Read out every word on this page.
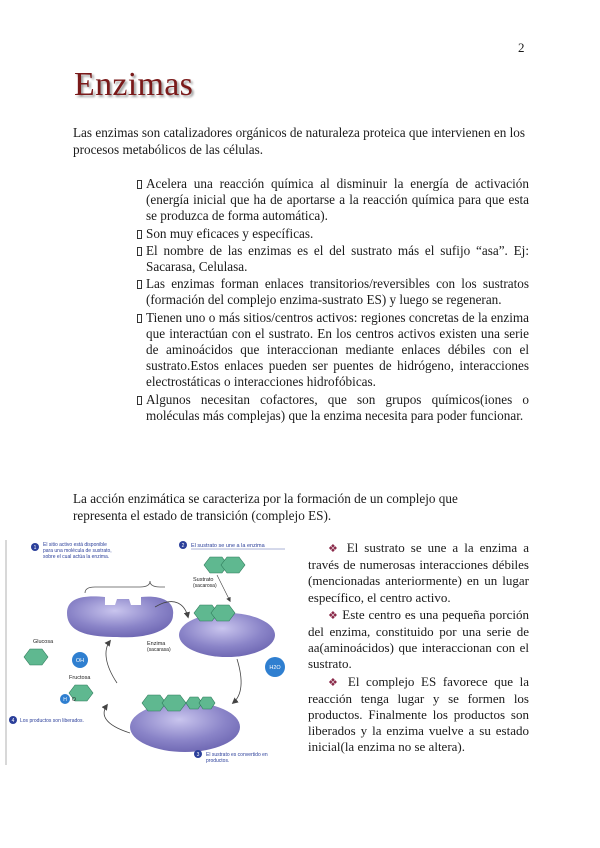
2
Enzimas

Las enzimas son catalizadores orgánicos de naturaleza proteica que intervienen en los procesos metabólicos de las células.

Acelera una reacción química al disminuir la energía de activación (energía inicial que ha de aportarse a la reacción química para que esta se produzca de forma automática).
Son muy eficaces y específicas.
El nombre de las enzimas es el del sustrato más el sufijo “asa”. Ej: Sacarasa, Celulasa.
Las enzimas forman enlaces transitorios/reversibles con los sustratos (formación del complejo enzima-sustrato ES) y luego se regeneran.
Tienen uno o más sitios/centros activos: regiones concretas de la enzima que interactúan con el sustrato. En los centros activos existen una serie de aminoácidos que interaccionan mediante enlaces débiles con el sustrato.Estos enlaces pueden ser puentes de hidrógeno, interacciones electrostáticas o interacciones hidrofóbicas.
Algunos necesitan cofactores, que son grupos químicos(iones o moléculas más complejas) que la enzima necesita para poder funcionar.

La acción enzimática se caracteriza por la formación de un complejo que representa el estado de transición (complejo ES).

1 El sitio activo está disponible
para una molécula de sustrato,
sobre el cual actúa la enzima.
2 El sustrato se une a la enzima
Sustrato
(sacarosa)
H2O
3 El sustrato es convertido en
productos.
Enzima
(sacarasa)
Glucosa
OH
Fructosa
H O
4 Los productos son liberados.

❖ El sustrato se une a la enzima a través de numerosas interacciones débiles (mencionadas anteriormente) en un lugar específico, el centro activo.

❖ Este centro es una pequeña porción del enzima, constituido por una serie de aa(aminoácidos) que interaccionan con el sustrato.

❖ El complejo ES favorece que la reacción tenga lugar y se formen los productos. Finalmente los productos son liberados y la enzima vuelve a su estado inicial(la enzima no se altera).
